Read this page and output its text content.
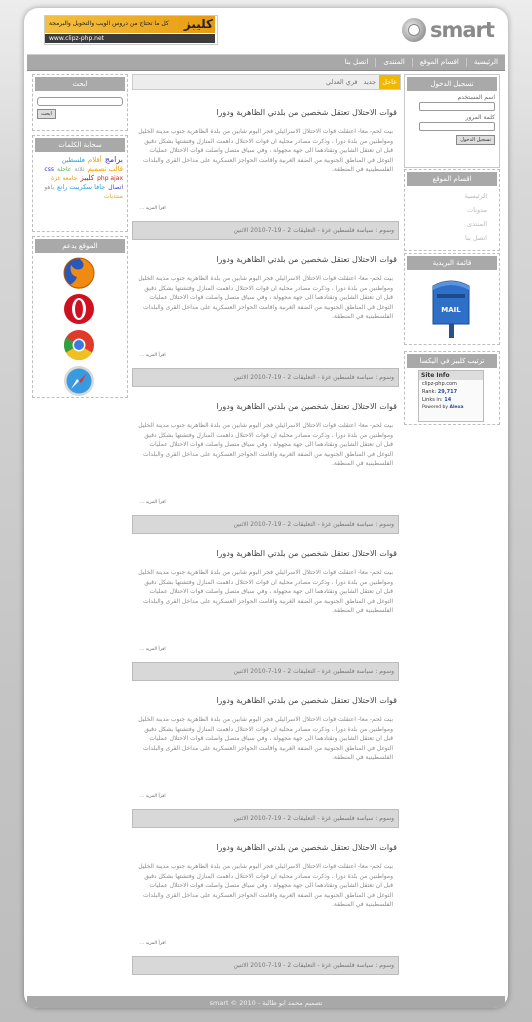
smart
كل ما تحتاج من دروس الويب والتحويل والبرمجة كليبز
www.clipz-php.net
الرئيسيةاقسام الموقعالمنتدىاتصل بنا
عاجلجديدقري العدلي	تسجيل الدخول
اسم المستخدم
كلمة المرور
تسجيل الدخول
اقسام الموقع
الرئيسية
مدونات
المنتدى
اتصل بنا
قائمة البريدية
MAIL
ترتيب كليبز في اليكسا
Site Info
clipz-php.com
Rank: 29,717
Links in: 14
Powered by Alexa
ابحث
ابحث
سحابة الكلمات
برامجأفلامفلسطينقالب تصميمثلاثةعاجلةcssphp ajaxكليبزجامعة غزةاتصالجافا سكريبت راتعياهومنتديات
الموقع يدعم
قوات الاحتلال تعتقل شخصين من بلدتي الظاهرية ودورا

بيت لحم- معا- اعتقلت قوات الاحتلال الاسرائيلي فجر اليوم شابين من بلدة الظاهرية جنوب مدينة الخليل ومواطنين من بلدة دورا ، وذكرت مصادر محلية ان قوات الاحتلال داهمت المنازل وفتشتها بشكل دقيق قبل ان تعتقل الشابين وتقتادهما الى جهة مجهولة ، وفي سياق متصل واصلت قوات الاحتلال عمليات التوغل في المناطق الجنوبية من الضفة الغربية واقامت الحواجز العسكرية على مداخل القرى والبلدات الفلسطينية في المنطقة.

اقرأ المزيد ...
وسوم : سياسة فلسطين غزة - التعليقات 2 - 19-7-2010 الاثنين
قوات الاحتلال تعتقل شخصين من بلدتي الظاهرية ودورا

بيت لحم- معا- اعتقلت قوات الاحتلال الاسرائيلي فجر اليوم شابين من بلدة الظاهرية جنوب مدينة الخليل ومواطنين من بلدة دورا ، وذكرت مصادر محلية ان قوات الاحتلال داهمت المنازل وفتشتها بشكل دقيق قبل ان تعتقل الشابين وتقتادهما الى جهة مجهولة ، وفي سياق متصل واصلت قوات الاحتلال عمليات التوغل في المناطق الجنوبية من الضفة الغربية واقامت الحواجز العسكرية على مداخل القرى والبلدات الفلسطينية في المنطقة.

اقرأ المزيد ...
وسوم : سياسة فلسطين غزة - التعليقات 2 - 19-7-2010 الاثنين
قوات الاحتلال تعتقل شخصين من بلدتي الظاهرية ودورا

بيت لحم- معا- اعتقلت قوات الاحتلال الاسرائيلي فجر اليوم شابين من بلدة الظاهرية جنوب مدينة الخليل ومواطنين من بلدة دورا ، وذكرت مصادر محلية ان قوات الاحتلال داهمت المنازل وفتشتها بشكل دقيق قبل ان تعتقل الشابين وتقتادهما الى جهة مجهولة ، وفي سياق متصل واصلت قوات الاحتلال عمليات التوغل في المناطق الجنوبية من الضفة الغربية واقامت الحواجز العسكرية على مداخل القرى والبلدات الفلسطينية في المنطقة.

اقرأ المزيد ...
وسوم : سياسة فلسطين غزة - التعليقات 2 - 19-7-2010 الاثنين
قوات الاحتلال تعتقل شخصين من بلدتي الظاهرية ودورا

بيت لحم- معا- اعتقلت قوات الاحتلال الاسرائيلي فجر اليوم شابين من بلدة الظاهرية جنوب مدينة الخليل ومواطنين من بلدة دورا ، وذكرت مصادر محلية ان قوات الاحتلال داهمت المنازل وفتشتها بشكل دقيق قبل ان تعتقل الشابين وتقتادهما الى جهة مجهولة ، وفي سياق متصل واصلت قوات الاحتلال عمليات التوغل في المناطق الجنوبية من الضفة الغربية واقامت الحواجز العسكرية على مداخل القرى والبلدات الفلسطينية في المنطقة.

اقرأ المزيد ...
وسوم : سياسة فلسطين غزة - التعليقات 2 - 19-7-2010 الاثنين
قوات الاحتلال تعتقل شخصين من بلدتي الظاهرية ودورا

بيت لحم- معا- اعتقلت قوات الاحتلال الاسرائيلي فجر اليوم شابين من بلدة الظاهرية جنوب مدينة الخليل ومواطنين من بلدة دورا ، وذكرت مصادر محلية ان قوات الاحتلال داهمت المنازل وفتشتها بشكل دقيق قبل ان تعتقل الشابين وتقتادهما الى جهة مجهولة ، وفي سياق متصل واصلت قوات الاحتلال عمليات التوغل في المناطق الجنوبية من الضفة الغربية واقامت الحواجز العسكرية على مداخل القرى والبلدات الفلسطينية في المنطقة.

اقرأ المزيد ...
وسوم : سياسة فلسطين غزة - التعليقات 2 - 19-7-2010 الاثنين
قوات الاحتلال تعتقل شخصين من بلدتي الظاهرية ودورا

بيت لحم- معا- اعتقلت قوات الاحتلال الاسرائيلي فجر اليوم شابين من بلدة الظاهرية جنوب مدينة الخليل ومواطنين من بلدة دورا ، وذكرت مصادر محلية ان قوات الاحتلال داهمت المنازل وفتشتها بشكل دقيق قبل ان تعتقل الشابين وتقتادهما الى جهة مجهولة ، وفي سياق متصل واصلت قوات الاحتلال عمليات التوغل في المناطق الجنوبية من الضفة الغربية واقامت الحواجز العسكرية على مداخل القرى والبلدات الفلسطينية في المنطقة.

اقرأ المزيد ...
وسوم : سياسة فلسطين غزة - التعليقات 2 - 19-7-2010 الاثنين
تصميم محمد ابو طالبة - 2010 © smart
